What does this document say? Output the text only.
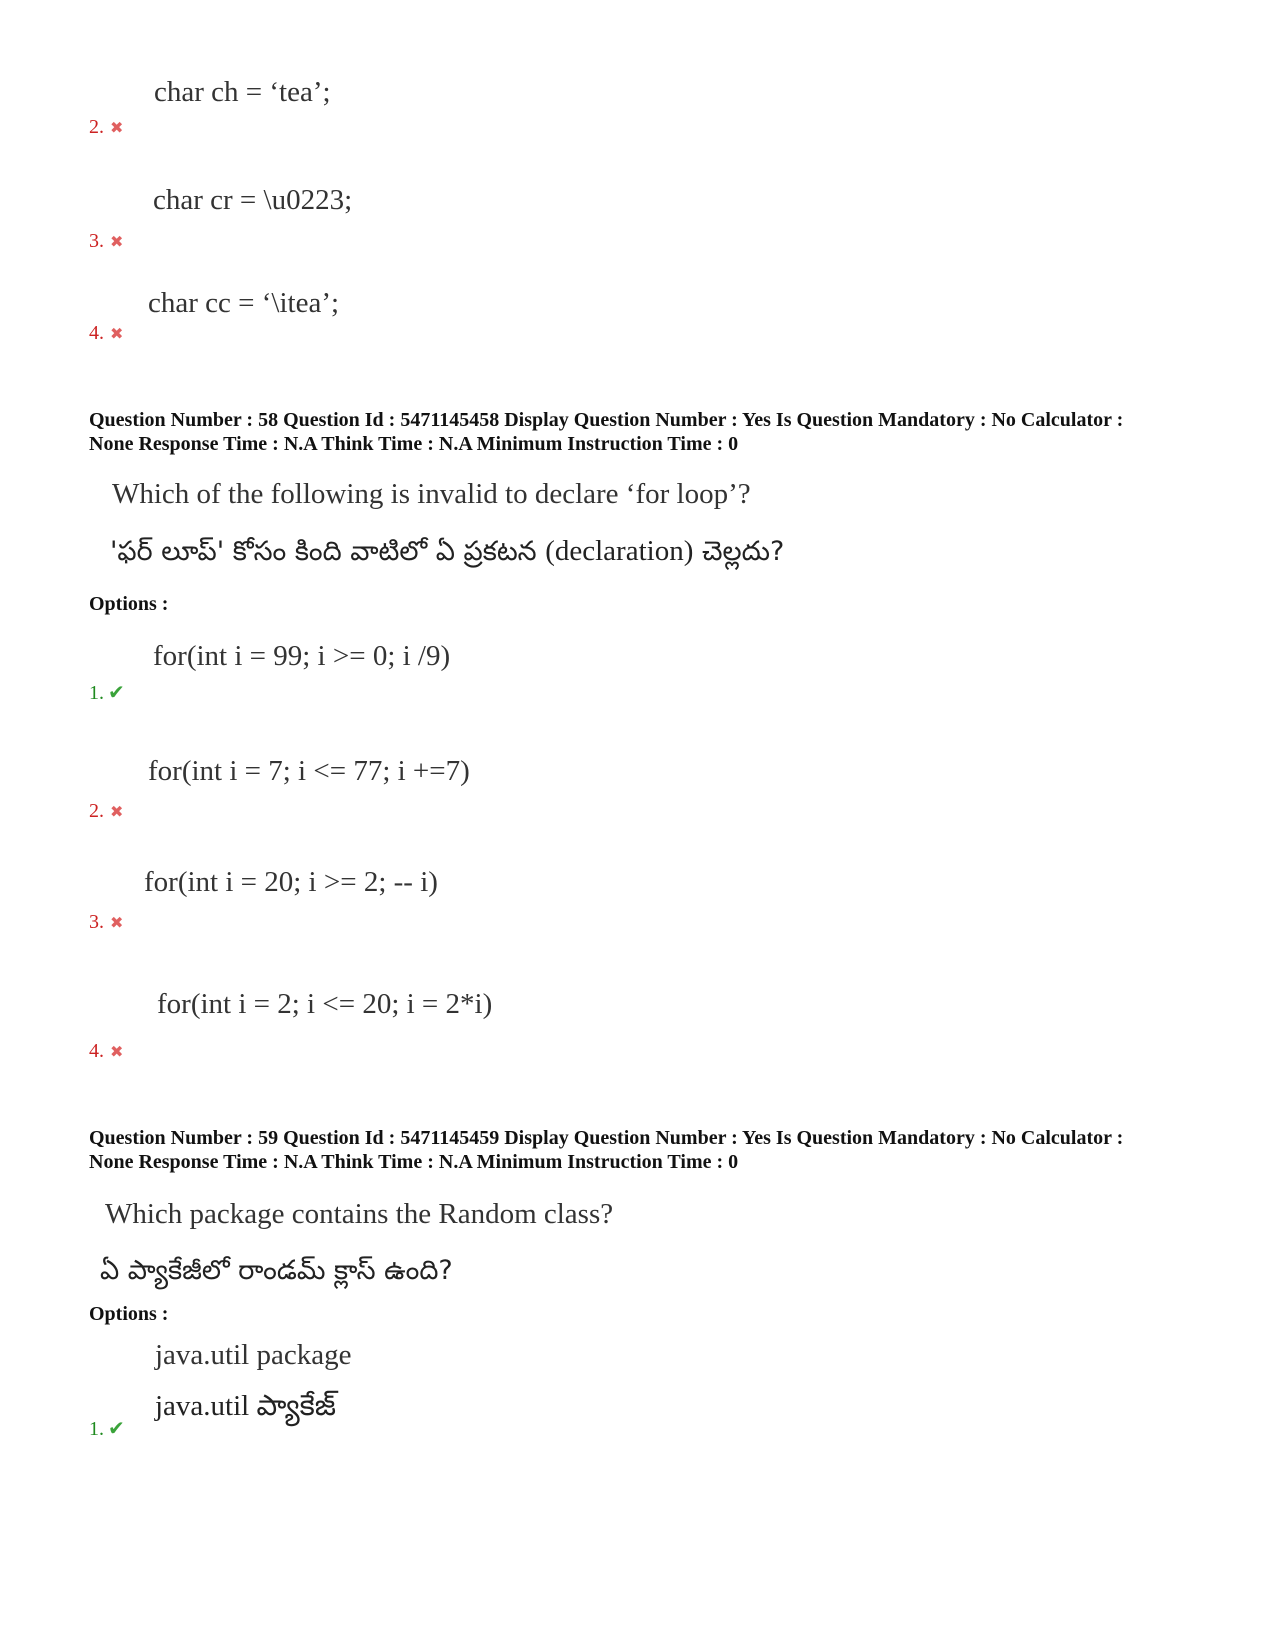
char ch = ‘tea’;
2. ✖
char cr = \u0223;
3. ✖
char cc = ‘\itea’;
4. ✖
Question Number : 58 Question Id : 5471145458 Display Question Number : Yes Is Question Mandatory : No Calculator :
None Response Time : N.A Think Time : N.A Minimum Instruction Time : 0
Which of the following is invalid to declare ‘for loop’?
'ఫర్ లూప్' కోసం కింది వాటిలో ఏ ప్రకటన (declaration) చెల్లదు?
Options :
for(int i = 99; i >= 0; i /9)
1. ✔
for(int i = 7; i <= 77; i +=7)
2. ✖
for(int i = 20; i >= 2; -- i)
3. ✖
for(int i = 2; i <= 20; i = 2*i)
4. ✖
Question Number : 59 Question Id : 5471145459 Display Question Number : Yes Is Question Mandatory : No Calculator :
None Response Time : N.A Think Time : N.A Minimum Instruction Time : 0
Which package contains the Random class?
ఏ ప్యాకేజీలో రాండమ్ క్లాస్ ఉంది?
Options :
java.util package
java.util ప్యాకేజ్
1. ✔
